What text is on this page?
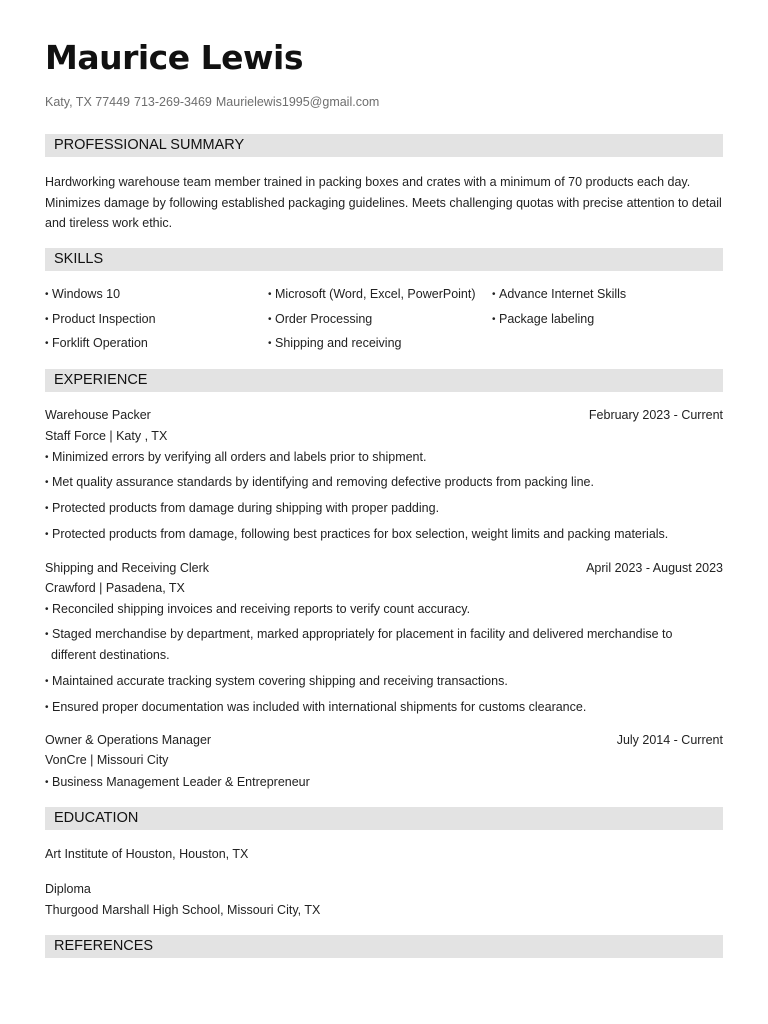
Maurice Lewis
Katy, TX 77449 713-269-3469 Maurielewis1995@gmail.com
PROFESSIONAL SUMMARY
Hardworking warehouse team member trained in packing boxes and crates with a minimum of 70 products each day. Minimizes damage by following established packaging guidelines. Meets challenging quotas with precise attention to detail and tireless work ethic.
SKILLS
• Windows 10	• Microsoft (Word, Excel, PowerPoint) • Advance Internet Skills
• Product Inspection	• Order Processing	• Package labeling
• Forklift Operation	• Shipping and receiving
EXPERIENCE
Warehouse Packer	February 2023 - Current
Staff Force | Katy , TX
• Minimized errors by verifying all orders and labels prior to shipment.
• Met quality assurance standards by identifying and removing defective products from packing line.
• Protected products from damage during shipping with proper padding.
• Protected products from damage, following best practices for box selection, weight limits and packing materials.
Shipping and Receiving Clerk	April 2023 - August 2023
Crawford | Pasadena, TX
• Reconciled shipping invoices and receiving reports to verify count accuracy.
• Staged merchandise by department, marked appropriately for placement in facility and delivered merchandise to
different destinations.
• Maintained accurate tracking system covering shipping and receiving transactions.
• Ensured proper documentation was included with international shipments for customs clearance.
Owner & Operations Manager	July 2014 - Current
VonCre | Missouri City
• Business Management Leader & Entrepreneur
EDUCATION
Art Institute of Houston, Houston, TX
Diploma
Thurgood Marshall High School, Missouri City, TX
REFERENCES
